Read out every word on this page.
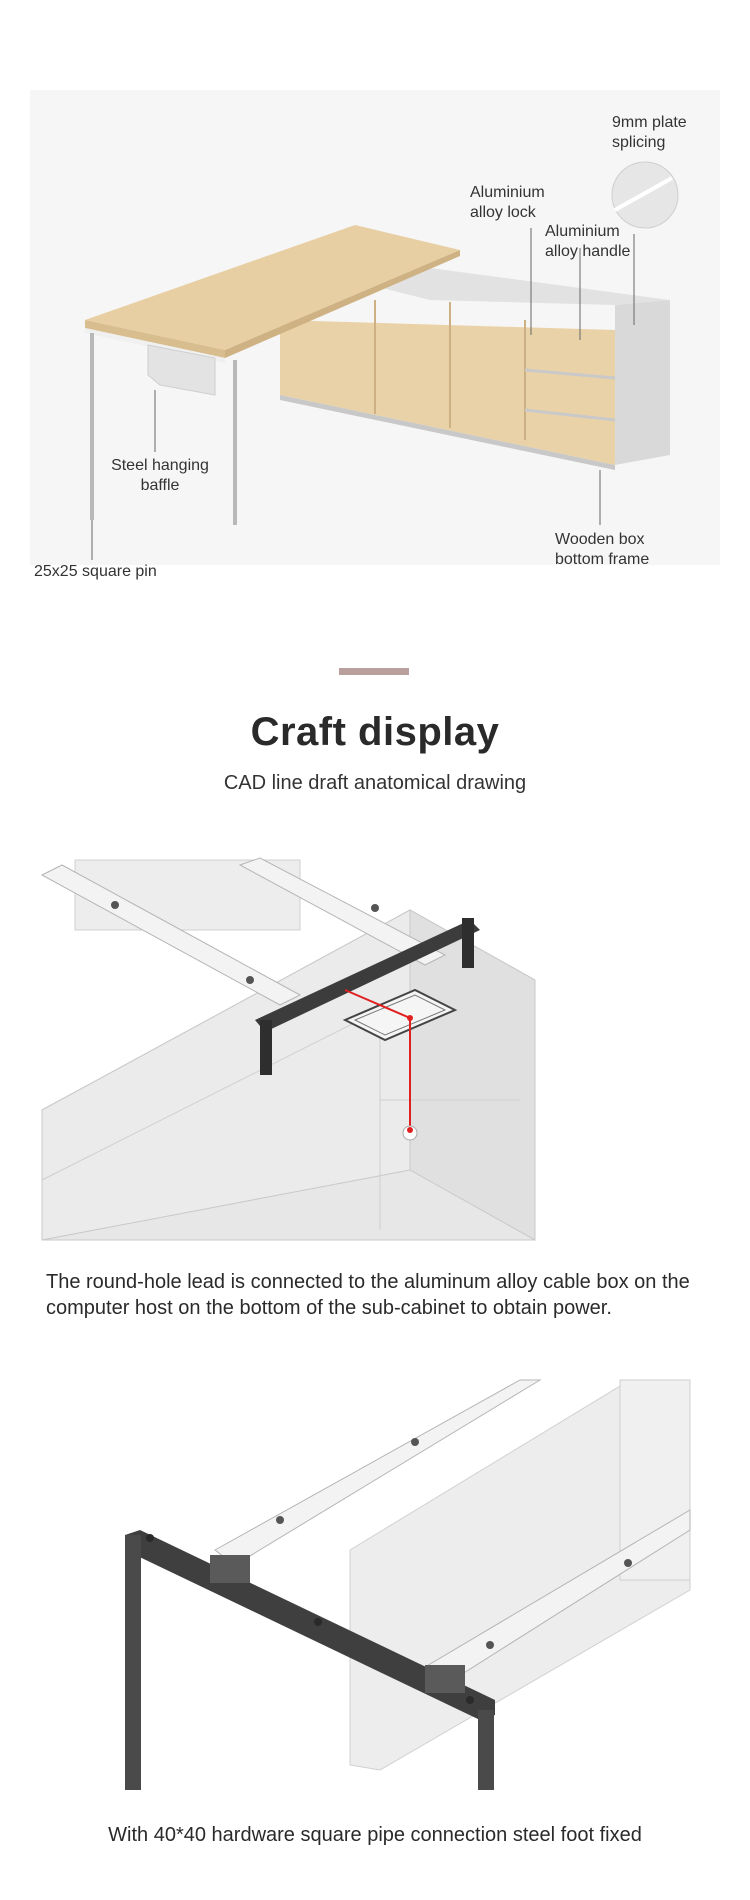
9mm plate
splicing
Aluminium
alloy lock
Aluminium
alloy handle
Steel hanging
baffle
25x25 square pin
Wooden box
bottom frame
Craft display
CAD line draft anatomical drawing
The round-hole lead is connected to the aluminum alloy cable box on the computer host on the bottom of the sub-cabinet to obtain power.
With 40*40 hardware square pipe connection steel foot fixed
